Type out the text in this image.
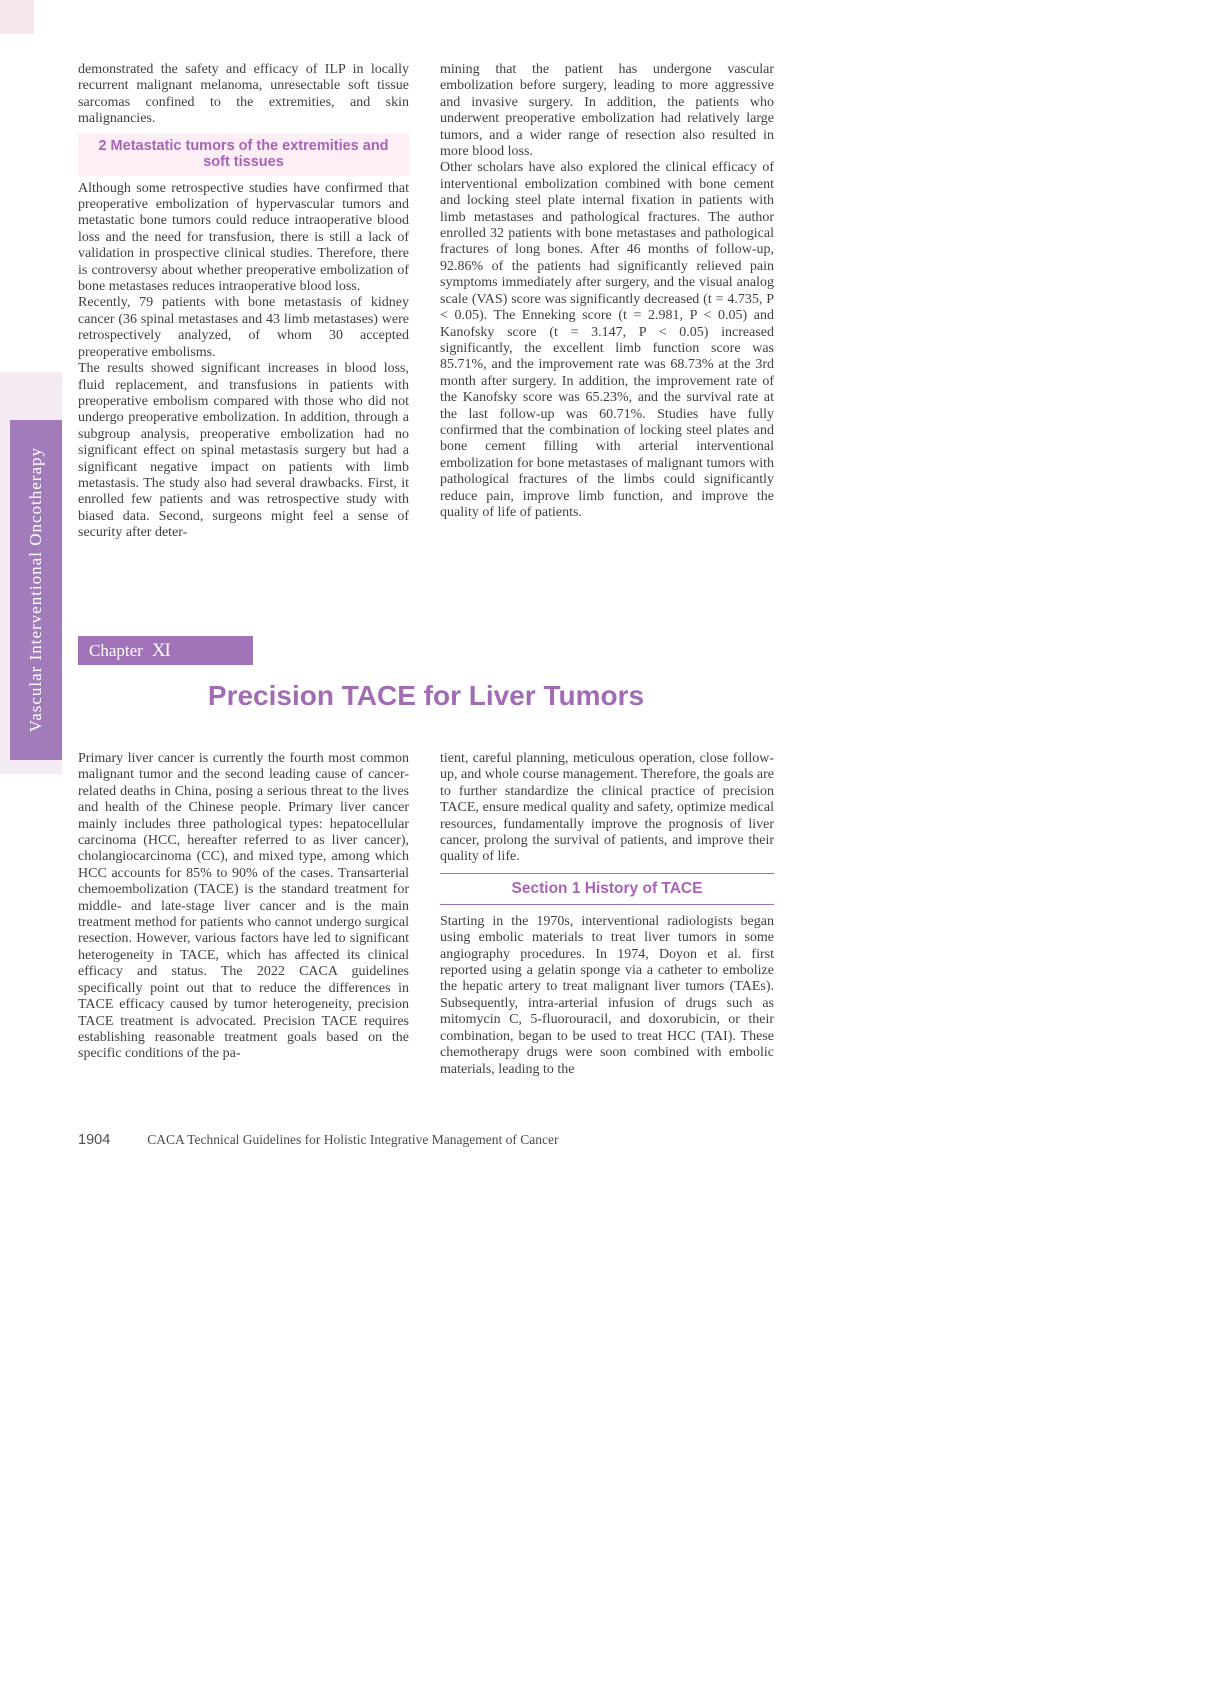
Vascular Interventional Oncotherapy

demonstrated the safety and efficacy of ILP in locally recurrent malignant melanoma, unresectable soft tissue sarcomas confined to the extremities, and skin malignancies.

2 Metastatic tumors of the extremities and soft tissues

Although some retrospective studies have confirmed that preoperative embolization of hypervascular tumors and metastatic bone tumors could reduce intraoperative blood loss and the need for transfusion, there is still a lack of validation in prospective clinical studies. Therefore, there is controversy about whether preoperative embolization of bone metastases reduces intraoperative blood loss.

Recently, 79 patients with bone metastasis of kidney cancer (36 spinal metastases and 43 limb metastases) were retrospectively analyzed, of whom 30 accepted preoperative embolisms.

The results showed significant increases in blood loss, fluid replacement, and transfusions in patients with preoperative embolism compared with those who did not undergo preoperative embolization. In addition, through a subgroup analysis, preoperative embolization had no significant effect on spinal metastasis surgery but had a significant negative impact on patients with limb metastasis. The study also had several drawbacks. First, it enrolled few patients and was retrospective study with biased data. Second, surgeons might feel a sense of security after deter-

mining that the patient has undergone vascular embolization before surgery, leading to more aggressive and invasive surgery. In addition, the patients who underwent preoperative embolization had relatively large tumors, and a wider range of resection also resulted in more blood loss.

Other scholars have also explored the clinical efficacy of interventional embolization combined with bone cement and locking steel plate internal fixation in patients with limb metastases and pathological fractures. The author enrolled 32 patients with bone metastases and pathological fractures of long bones. After 46 months of follow-up, 92.86% of the patients had significantly relieved pain symptoms immediately after surgery, and the visual analog scale (VAS) score was significantly decreased (t = 4.735, P < 0.05). The Enneking score (t = 2.981, P < 0.05) and Kanofsky score (t = 3.147, P < 0.05) increased significantly, the excellent limb function score was 85.71%, and the improvement rate was 68.73% at the 3rd month after surgery. In addition, the improvement rate of the Kanofsky score was 65.23%, and the survival rate at the last follow-up was 60.71%. Studies have fully confirmed that the combination of locking steel plates and bone cement filling with arterial interventional embolization for bone metastases of malignant tumors with pathological fractures of the limbs could significantly reduce pain, improve limb function, and improve the quality of life of patients.

Chapter XI
Precision TACE for Liver Tumors

Primary liver cancer is currently the fourth most common malignant tumor and the second leading cause of cancer-related deaths in China, posing a serious threat to the lives and health of the Chinese people. Primary liver cancer mainly includes three pathological types: hepatocellular carcinoma (HCC, hereafter referred to as liver cancer), cholangiocarcinoma (CC), and mixed type, among which HCC accounts for 85% to 90% of the cases. Transarterial chemoembolization (TACE) is the standard treatment for middle- and late-stage liver cancer and is the main treatment method for patients who cannot undergo surgical resection. However, various factors have led to significant heterogeneity in TACE, which has affected its clinical efficacy and status. The 2022 CACA guidelines specifically point out that to reduce the differences in TACE efficacy caused by tumor heterogeneity, precision TACE treatment is advocated. Precision TACE requires establishing reasonable treatment goals based on the specific conditions of the pa-

tient, careful planning, meticulous operation, close follow-up, and whole course management. Therefore, the goals are to further standardize the clinical practice of precision TACE, ensure medical quality and safety, optimize medical resources, fundamentally improve the prognosis of liver cancer, prolong the survival of patients, and improve their quality of life.

Section 1 History of TACE

Starting in the 1970s, interventional radiologists began using embolic materials to treat liver tumors in some angiography procedures. In 1974, Doyon et al. first reported using a gelatin sponge via a catheter to embolize the hepatic artery to treat malignant liver tumors (TAEs). Subsequently, intra-arterial infusion of drugs such as mitomycin C, 5-fluorouracil, and doxorubicin, or their combination, began to be used to treat HCC (TAI). These chemotherapy drugs were soon combined with embolic materials, leading to the

1904	CACA Technical Guidelines for Holistic Integrative Management of Cancer
